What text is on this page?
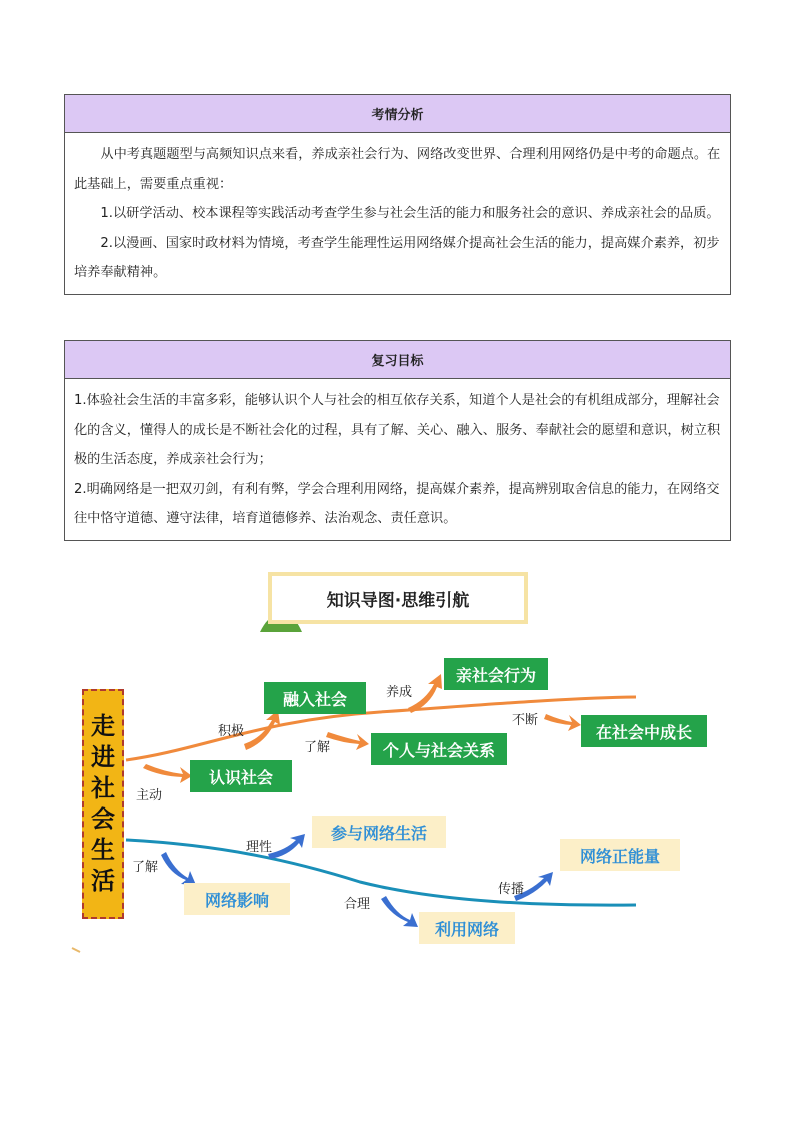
考情分析

从中考真题题型与高频知识点来看，养成亲社会行为、网络改变世界、合理利用网络仍是中考的命题点。在此基础上，需要重点重视：

1.以研学活动、校本课程等实践活动考查学生参与社会生活的能力和服务社会的意识、养成亲社会的品质。

2.以漫画、国家时政材料为情境，考查学生能理性运用网络媒介提高社会生活的能力，提高媒介素养，初步培养奉献精神。

复习目标

1.体验社会生活的丰富多彩，能够认识个人与社会的相互依存关系，知道个人是社会的有机组成部分，理解社会化的含义，懂得人的成长是不断社会化的过程，具有了解、关心、融入、服务、奉献社会的愿望和意识，树立积极的生活态度，养成亲社会行为；

2.明确网络是一把双刃剑，有利有弊，学会合理利用网络，提高媒介素养，提高辨别取舍信息的能力，在网络交往中恪守道德、遵守法律，培育道德修养、法治观念、责任意识。

知识导图·思维引航
走
进
社
会
生
活
认识社会
融入社会
个人与社会关系
亲社会行为
在社会中成长
主动
积极
了解
养成
不断
网络影响
参与网络生活
利用网络
网络正能量
了解
理性
合理
传播
